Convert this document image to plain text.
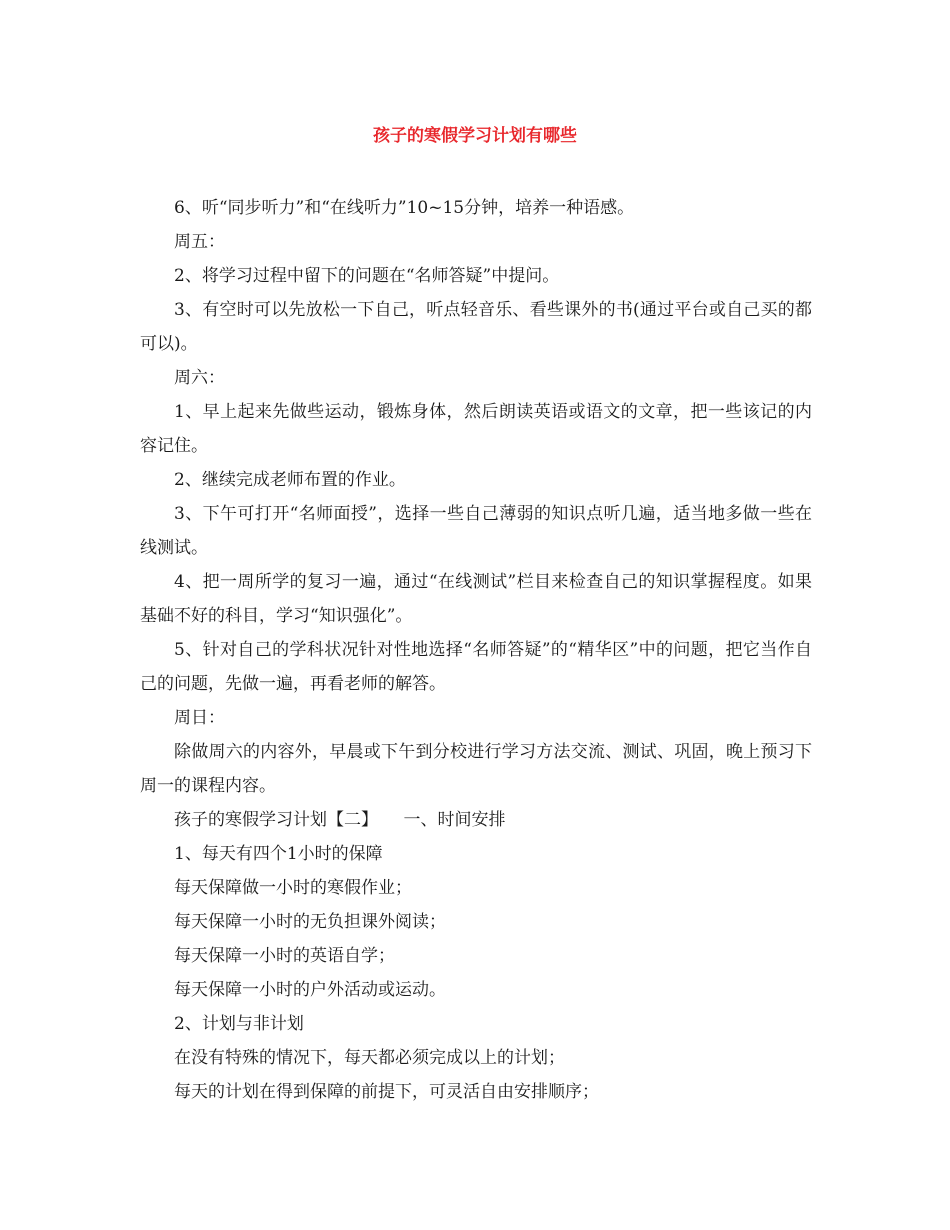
孩子的寒假学习计划有哪些

6、听“同步听力”和“在线听力”10~15分钟，培养一种语感。

周五：

2、将学习过程中留下的问题在“名师答疑”中提问。

3、有空时可以先放松一下自己，听点轻音乐、看些课外的书(通过平台或自己买的都可以)。

周六：

1、早上起来先做些运动，锻炼身体，然后朗读英语或语文的文章，把一些该记的内容记住。

2、继续完成老师布置的作业。

3、下午可打开“名师面授”，选择一些自己薄弱的知识点听几遍，适当地多做一些在线测试。

4、把一周所学的复习一遍，通过“在线测试”栏目来检查自己的知识掌握程度。如果基础不好的科目，学习“知识强化”。

5、针对自己的学科状况针对性地选择“名师答疑”的“精华区”中的问题，把它当作自己的问题，先做一遍，再看老师的解答。

周日：

除做周六的内容外，早晨或下午到分校进行学习方法交流、测试、巩固，晚上预习下周一的课程内容。

孩子的寒假学习计划【二】　　一、时间安排

1、每天有四个1小时的保障

每天保障做一小时的寒假作业；

每天保障一小时的无负担课外阅读；

每天保障一小时的英语自学；

每天保障一小时的户外活动或运动。

2、计划与非计划

在没有特殊的情况下，每天都必须完成以上的计划；

每天的计划在得到保障的前提下，可灵活自由安排顺序；
